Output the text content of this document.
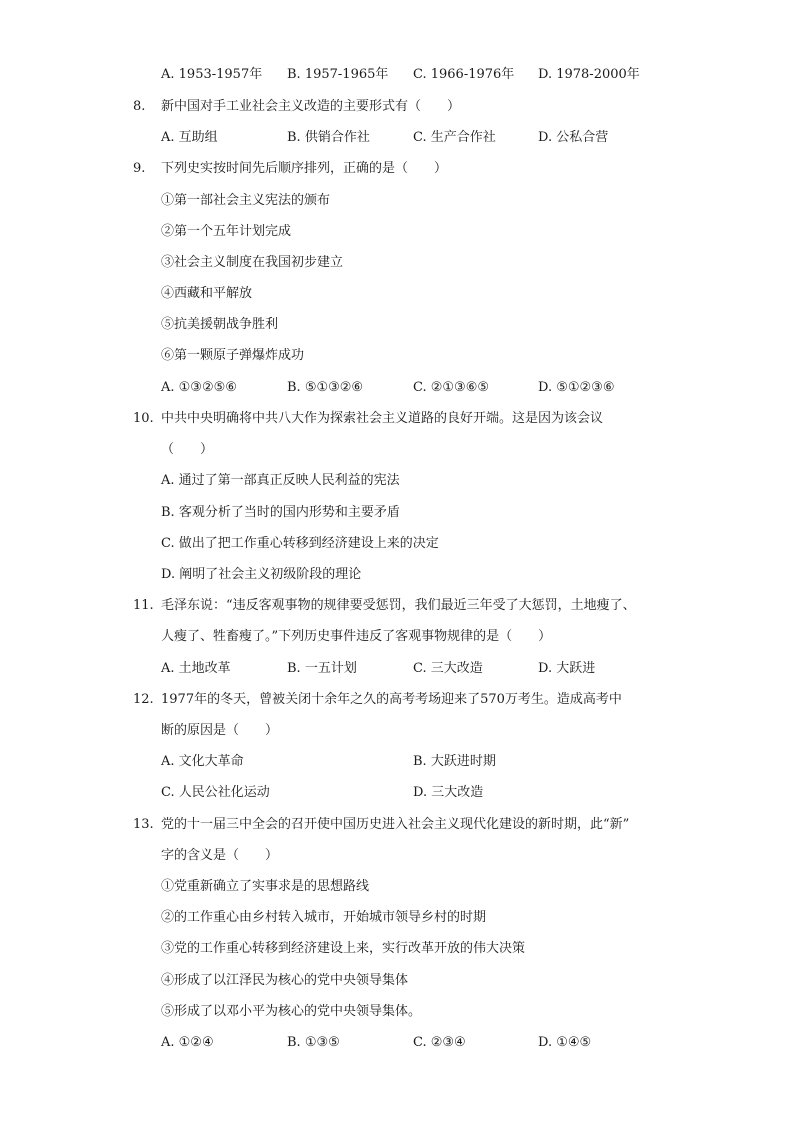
A. 1953-1957年 B. 1957-1965年 C. 1966-1976年 D. 1978-2000年
8. 新中国对手工业社会主义改造的主要形式有（　　）
A. 互助组	B. 供销合作社	C. 生产合作社	D. 公私合营
9. 下列史实按时间先后顺序排列，正确的是（　　）
①第一部社会主义宪法的颁布
②第一个五年计划完成
③社会主义制度在我国初步建立
④西藏和平解放
⑤抗美援朝战争胜利
⑥第一颗原子弹爆炸成功
A. ①③②⑤⑥	B. ⑤①③②⑥	C. ②①③⑥⑤	D. ⑤①②③⑥
10. 中共中央明确将中共八大作为探索社会主义道路的良好开端。这是因为该会议
（　　）
A. 通过了第一部真正反映人民利益的宪法
B. 客观分析了当时的国内形势和主要矛盾
C. 做出了把工作重心转移到经济建设上来的决定
D. 阐明了社会主义初级阶段的理论
11. 毛泽东说：“违反客观事物的规律要受惩罚，我们最近三年受了大惩罚，土地瘦了、
人瘦了、牲畜瘦了。”下列历史事件违反了客观事物规律的是（　　）
A. 土地改革	B. 一五计划	C. 三大改造	D. 大跃进
12. 1977年的冬天，曾被关闭十余年之久的高考考场迎来了570万考生。造成高考中
断的原因是（　　）
A. 文化大革命	B. 大跃进时期
C. 人民公社化运动	D. 三大改造
13. 党的十一届三中全会的召开使中国历史进入社会主义现代化建设的新时期，此“新”
字的含义是（　　）
①党重新确立了实事求是的思想路线
②的工作重心由乡村转入城市，开始城市领导乡村的时期
③党的工作重心转移到经济建设上来，实行改革开放的伟大决策
④形成了以江泽民为核心的党中央领导集体
⑤形成了以邓小平为核心的党中央领导集体。
A. ①②④	B. ①③⑤	C. ②③④	D. ①④⑤
